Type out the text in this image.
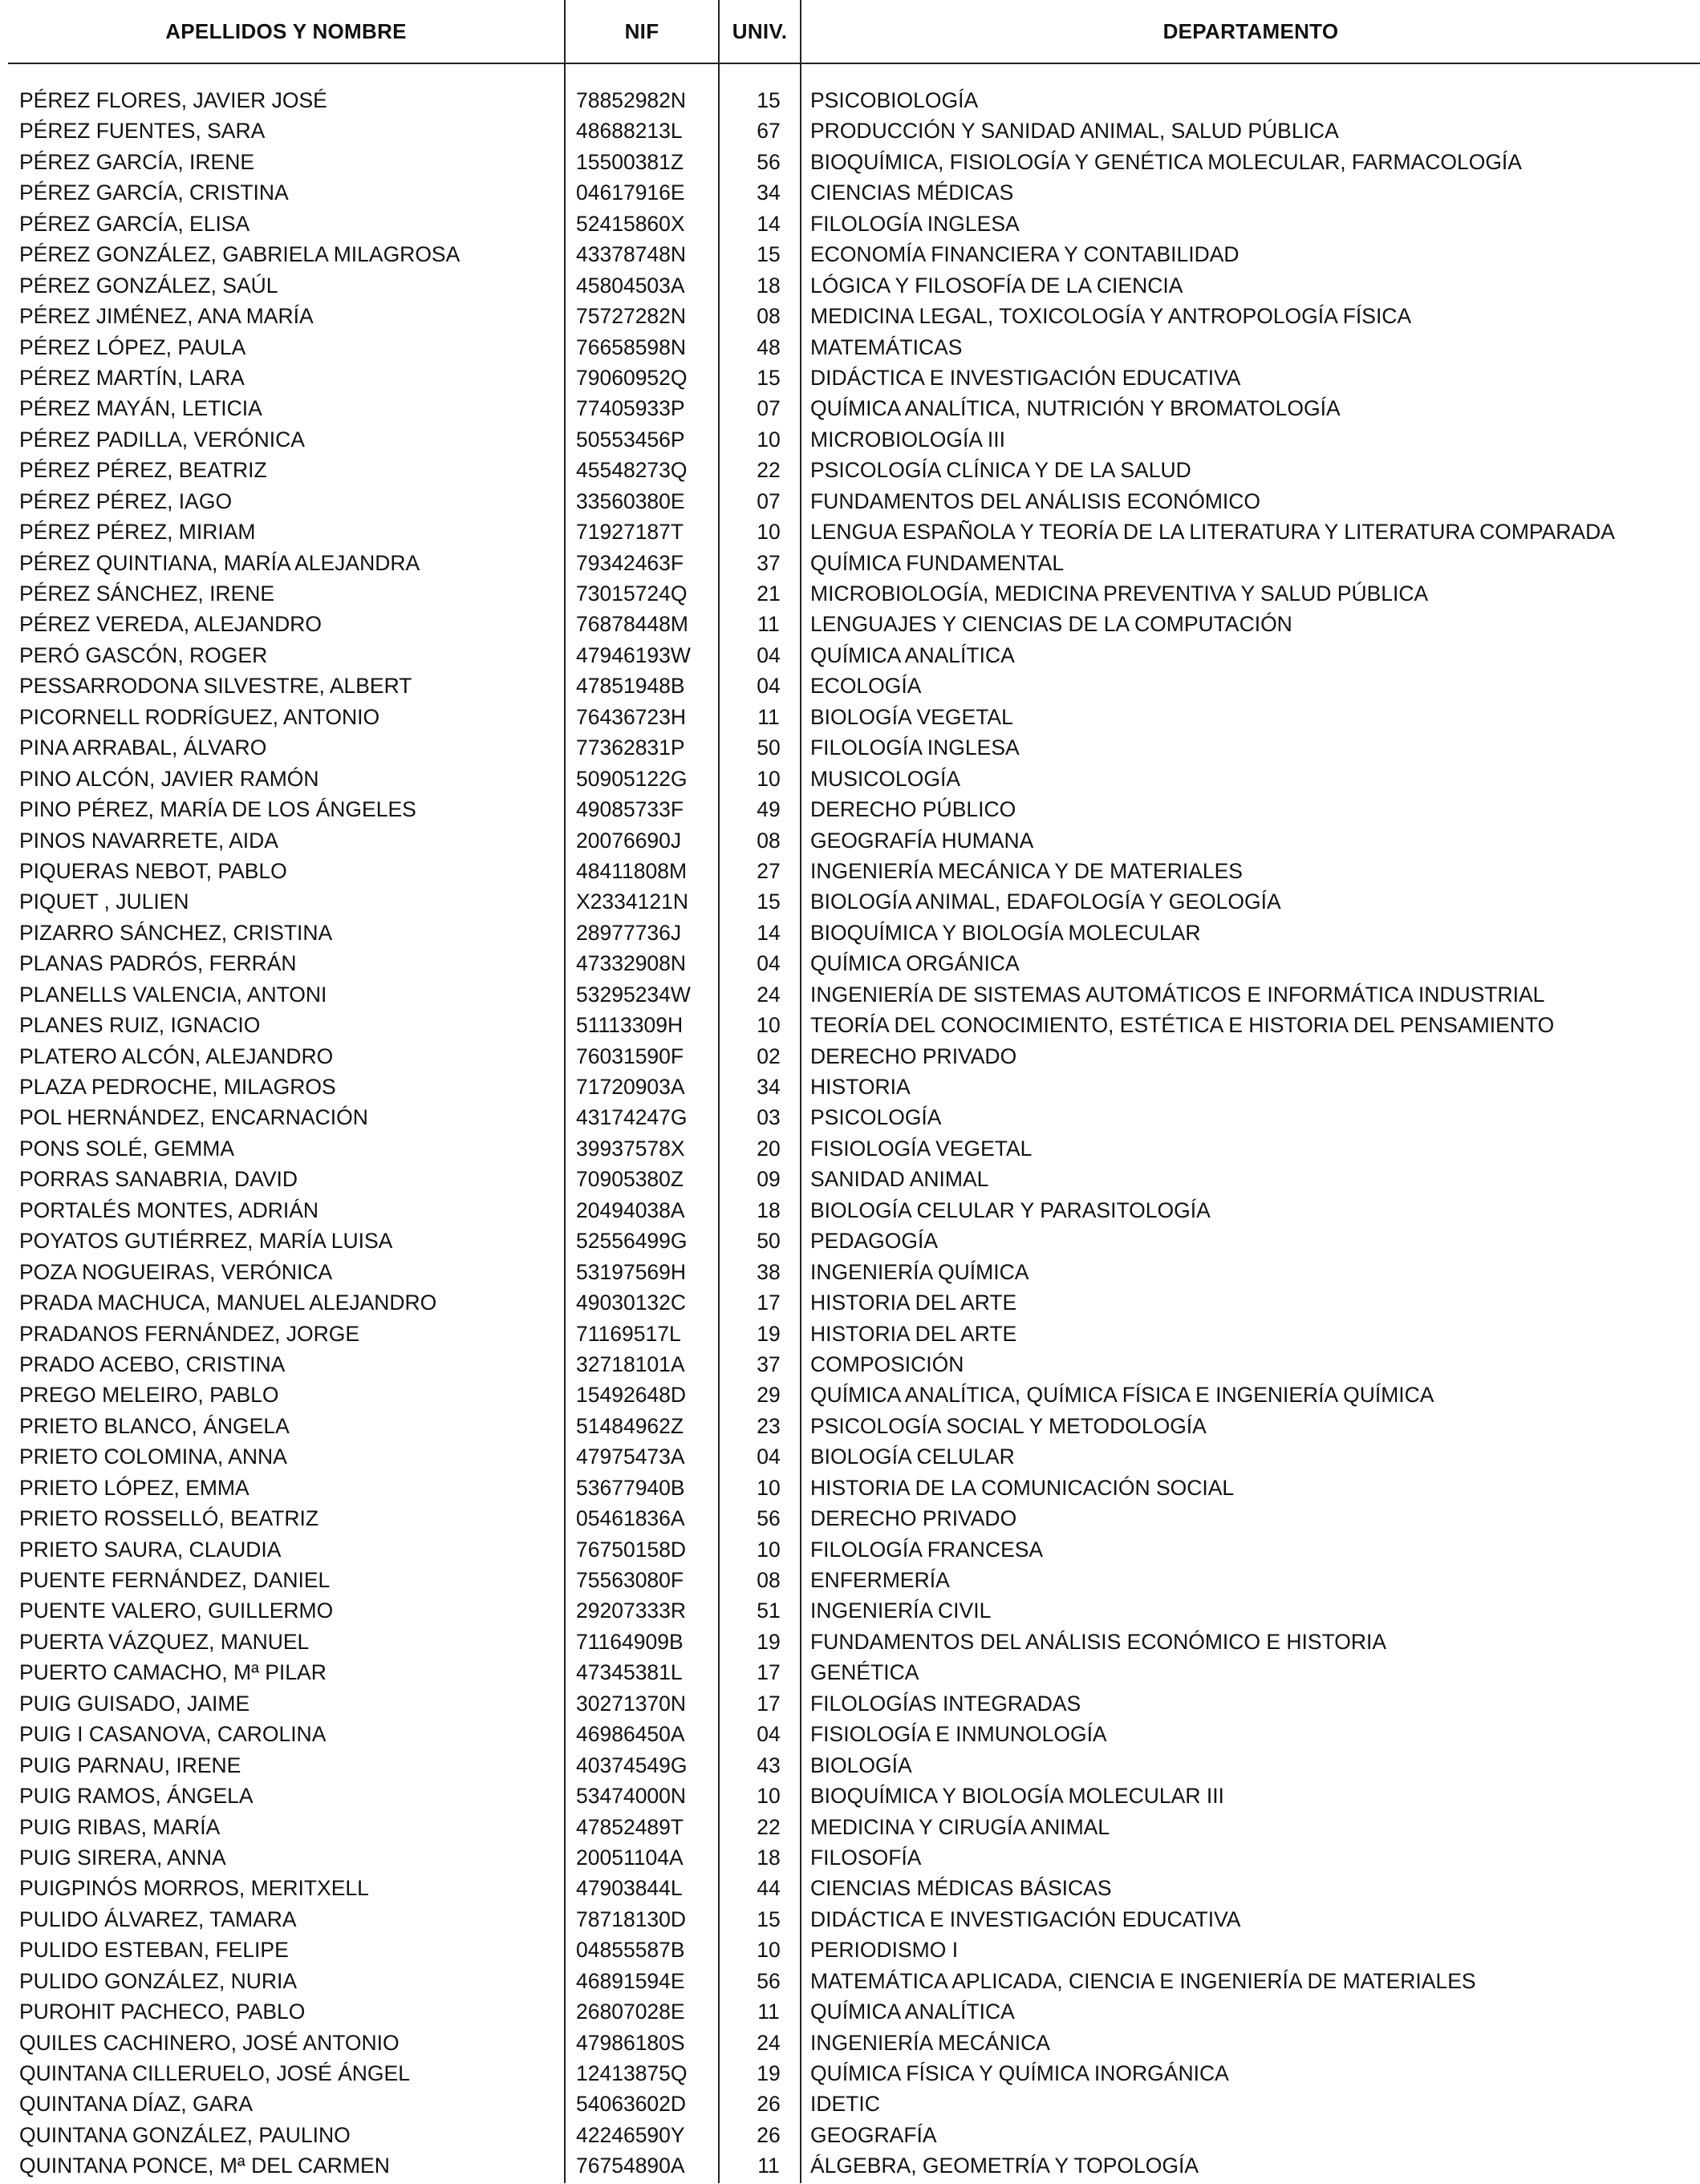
APELLIDOS Y NOMBRE	NIF	UNIV.	DEPARTAMENTO
PÉREZ FLORES, JAVIER JOSÉ	78852982N	15	PSICOBIOLOGÍA
PÉREZ FUENTES, SARA	48688213L	67	PRODUCCIÓN Y SANIDAD ANIMAL, SALUD PÚBLICA
PÉREZ GARCÍA, IRENE	15500381Z	56	BIOQUÍMICA, FISIOLOGÍA Y GENÉTICA MOLECULAR, FARMACOLOGÍA
PÉREZ GARCÍA, CRISTINA	04617916E	34	CIENCIAS MÉDICAS
PÉREZ GARCÍA, ELISA	52415860X	14	FILOLOGÍA INGLESA
PÉREZ GONZÁLEZ, GABRIELA MILAGROSA	43378748N	15	ECONOMÍA FINANCIERA Y CONTABILIDAD
PÉREZ GONZÁLEZ, SAÚL	45804503A	18	LÓGICA Y FILOSOFÍA DE LA CIENCIA
PÉREZ JIMÉNEZ, ANA MARÍA	75727282N	08	MEDICINA LEGAL, TOXICOLOGÍA Y ANTROPOLOGÍA FÍSICA
PÉREZ LÓPEZ, PAULA	76658598N	48	MATEMÁTICAS
PÉREZ MARTÍN, LARA	79060952Q	15	DIDÁCTICA E INVESTIGACIÓN EDUCATIVA
PÉREZ MAYÁN, LETICIA	77405933P	07	QUÍMICA ANALÍTICA, NUTRICIÓN Y BROMATOLOGÍA
PÉREZ PADILLA, VERÓNICA	50553456P	10	MICROBIOLOGÍA III
PÉREZ PÉREZ, BEATRIZ	45548273Q	22	PSICOLOGÍA CLÍNICA Y DE LA SALUD
PÉREZ PÉREZ, IAGO	33560380E	07	FUNDAMENTOS DEL ANÁLISIS ECONÓMICO
PÉREZ PÉREZ, MIRIAM	71927187T	10	LENGUA ESPAÑOLA Y TEORÍA DE LA LITERATURA Y LITERATURA COMPARADA
PÉREZ QUINTIANA, MARÍA ALEJANDRA	79342463F	37	QUÍMICA FUNDAMENTAL
PÉREZ SÁNCHEZ, IRENE	73015724Q	21	MICROBIOLOGÍA, MEDICINA PREVENTIVA Y SALUD PÚBLICA
PÉREZ VEREDA, ALEJANDRO	76878448M	11	LENGUAJES Y CIENCIAS DE LA COMPUTACIÓN
PERÓ GASCÓN, ROGER	47946193W	04	QUÍMICA ANALÍTICA
PESSARRODONA SILVESTRE, ALBERT	47851948B	04	ECOLOGÍA
PICORNELL RODRÍGUEZ, ANTONIO	76436723H	11	BIOLOGÍA VEGETAL
PINA ARRABAL, ÁLVARO	77362831P	50	FILOLOGÍA INGLESA
PINO ALCÓN, JAVIER RAMÓN	50905122G	10	MUSICOLOGÍA
PINO PÉREZ, MARÍA DE LOS ÁNGELES	49085733F	49	DERECHO PÚBLICO
PINOS NAVARRETE, AIDA	20076690J	08	GEOGRAFÍA HUMANA
PIQUERAS NEBOT, PABLO	48411808M	27	INGENIERÍA MECÁNICA Y DE MATERIALES
PIQUET , JULIEN	X2334121N	15	BIOLOGÍA ANIMAL, EDAFOLOGÍA Y GEOLOGÍA
PIZARRO SÁNCHEZ, CRISTINA	28977736J	14	BIOQUÍMICA Y BIOLOGÍA MOLECULAR
PLANAS PADRÓS, FERRÁN	47332908N	04	QUÍMICA ORGÁNICA
PLANELLS VALENCIA, ANTONI	53295234W	24	INGENIERÍA DE SISTEMAS AUTOMÁTICOS E INFORMÁTICA INDUSTRIAL
PLANES RUIZ, IGNACIO	51113309H	10	TEORÍA DEL CONOCIMIENTO, ESTÉTICA E HISTORIA DEL PENSAMIENTO
PLATERO ALCÓN, ALEJANDRO	76031590F	02	DERECHO PRIVADO
PLAZA PEDROCHE, MILAGROS	71720903A	34	HISTORIA
POL HERNÁNDEZ, ENCARNACIÓN	43174247G	03	PSICOLOGÍA
PONS SOLÉ, GEMMA	39937578X	20	FISIOLOGÍA VEGETAL
PORRAS SANABRIA, DAVID	70905380Z	09	SANIDAD ANIMAL
PORTALÉS MONTES, ADRIÁN	20494038A	18	BIOLOGÍA CELULAR Y PARASITOLOGÍA
POYATOS GUTIÉRREZ, MARÍA LUISA	52556499G	50	PEDAGOGÍA
POZA NOGUEIRAS, VERÓNICA	53197569H	38	INGENIERÍA QUÍMICA
PRADA MACHUCA, MANUEL ALEJANDRO	49030132C	17	HISTORIA DEL ARTE
PRADANOS FERNÁNDEZ, JORGE	71169517L	19	HISTORIA DEL ARTE
PRADO ACEBO, CRISTINA	32718101A	37	COMPOSICIÓN
PREGO MELEIRO, PABLO	15492648D	29	QUÍMICA ANALÍTICA, QUÍMICA FÍSICA E INGENIERÍA QUÍMICA
PRIETO BLANCO, ÁNGELA	51484962Z	23	PSICOLOGÍA SOCIAL Y METODOLOGÍA
PRIETO COLOMINA, ANNA	47975473A	04	BIOLOGÍA CELULAR
PRIETO LÓPEZ, EMMA	53677940B	10	HISTORIA DE LA COMUNICACIÓN SOCIAL
PRIETO ROSSELLÓ, BEATRIZ	05461836A	56	DERECHO PRIVADO
PRIETO SAURA, CLAUDIA	76750158D	10	FILOLOGÍA FRANCESA
PUENTE FERNÁNDEZ, DANIEL	75563080F	08	ENFERMERÍA
PUENTE VALERO, GUILLERMO	29207333R	51	INGENIERÍA CIVIL
PUERTA VÁZQUEZ, MANUEL	71164909B	19	FUNDAMENTOS DEL ANÁLISIS ECONÓMICO E HISTORIA
PUERTO CAMACHO, Mª PILAR	47345381L	17	GENÉTICA
PUIG GUISADO, JAIME	30271370N	17	FILOLOGÍAS INTEGRADAS
PUIG I CASANOVA, CAROLINA	46986450A	04	FISIOLOGÍA E INMUNOLOGÍA
PUIG PARNAU, IRENE	40374549G	43	BIOLOGÍA
PUIG RAMOS, ÁNGELA	53474000N	10	BIOQUÍMICA Y BIOLOGÍA MOLECULAR III
PUIG RIBAS, MARÍA	47852489T	22	MEDICINA Y CIRUGÍA ANIMAL
PUIG SIRERA, ANNA	20051104A	18	FILOSOFÍA
PUIGPINÓS MORROS, MERITXELL	47903844L	44	CIENCIAS MÉDICAS BÁSICAS
PULIDO ÁLVAREZ, TAMARA	78718130D	15	DIDÁCTICA E INVESTIGACIÓN EDUCATIVA
PULIDO ESTEBAN, FELIPE	04855587B	10	PERIODISMO I
PULIDO GONZÁLEZ, NURIA	46891594E	56	MATEMÁTICA APLICADA, CIENCIA E INGENIERÍA DE MATERIALES
PUROHIT PACHECO, PABLO	26807028E	11	QUÍMICA ANALÍTICA
QUILES CACHINERO, JOSÉ ANTONIO	47986180S	24	INGENIERÍA MECÁNICA
QUINTANA CILLERUELO, JOSÉ ÁNGEL	12413875Q	19	QUÍMICA FÍSICA Y QUÍMICA INORGÁNICA
QUINTANA DÍAZ, GARA	54063602D	26	IDETIC
QUINTANA GONZÁLEZ, PAULINO	42246590Y	26	GEOGRAFÍA
QUINTANA PONCE, Mª DEL CARMEN	76754890A	11	ÁLGEBRA, GEOMETRÍA Y TOPOLOGÍA
